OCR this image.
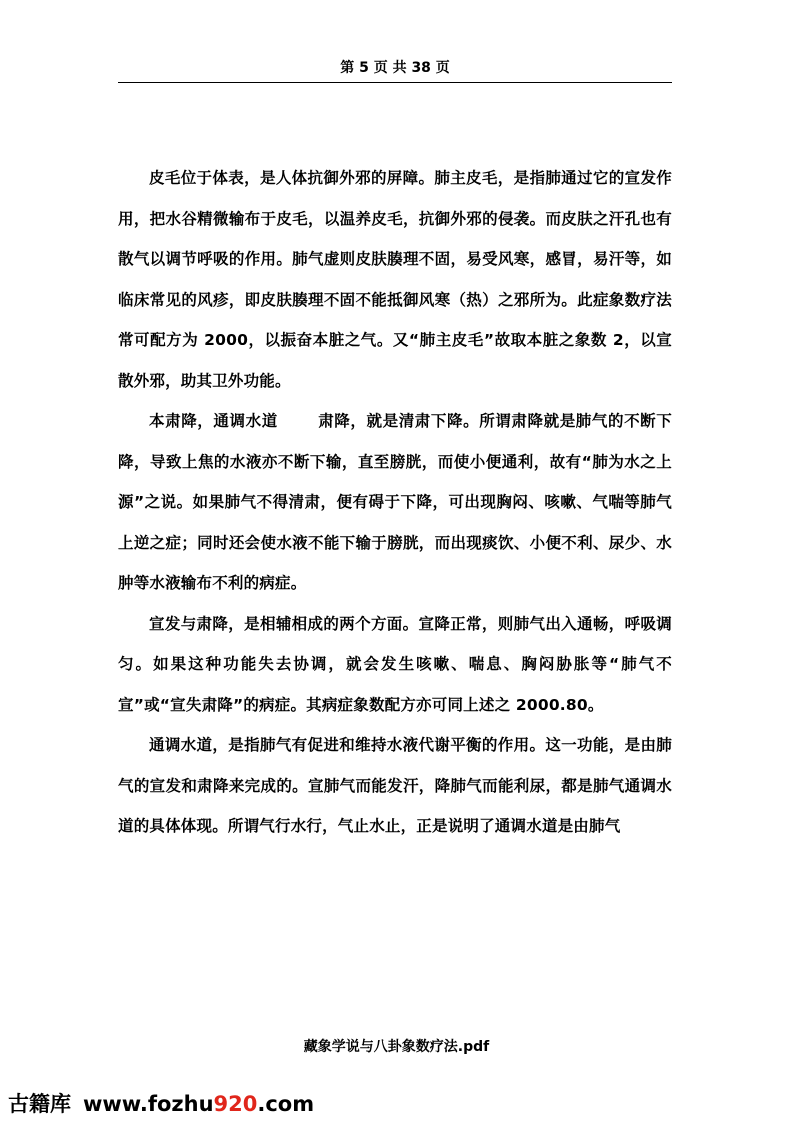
第 5 页 共 38 页

皮毛位于体表，是人体抗御外邪的屏障。肺主皮毛，是指肺通过它的宣发作用，把水谷精微输布于皮毛，以温养皮毛，抗御外邪的侵袭。而皮肤之汗孔也有散气以调节呼吸的作用。肺气虚则皮肤腠理不固，易受风寒，感冒，易汗等，如临床常见的风疹，即皮肤腠理不固不能抵御风寒（热）之邪所为。此症象数疗法常可配方为 2000，以振奋本脏之气。又“肺主皮毛”故取本脏之象数 2，以宣散外邪，助其卫外功能。

本肃降，通调水道	肃降，就是清肃下降。所谓肃降就是肺气的不断下降，导致上焦的水液亦不断下输，直至膀胱，而使小便通利，故有“肺为水之上源”之说。如果肺气不得清肃，便有碍于下降，可出现胸闷、咳嗽、气喘等肺气上逆之症；同时还会使水液不能下输于膀胱，而出现痰饮、小便不利、尿少、水肿等水液输布不利的病症。

宣发与肃降，是相辅相成的两个方面。宣降正常，则肺气出入通畅，呼吸调匀。如果这种功能失去协调，就会发生咳嗽、喘息、胸闷胁胀等“肺气不宣”或“宣失肃降”的病症。其病症象数配方亦可同上述之 2000.80。

通调水道，是指肺气有促进和维持水液代谢平衡的作用。这一功能，是由肺气的宣发和肃降来完成的。宣肺气而能发汗，降肺气而能利尿，都是肺气通调水道的具体体现。所谓气行水行，气止水止，正是说明了通调水道是由肺气

藏象学说与八卦象数疗法.pdf
古籍库 www.fozhu920.com
